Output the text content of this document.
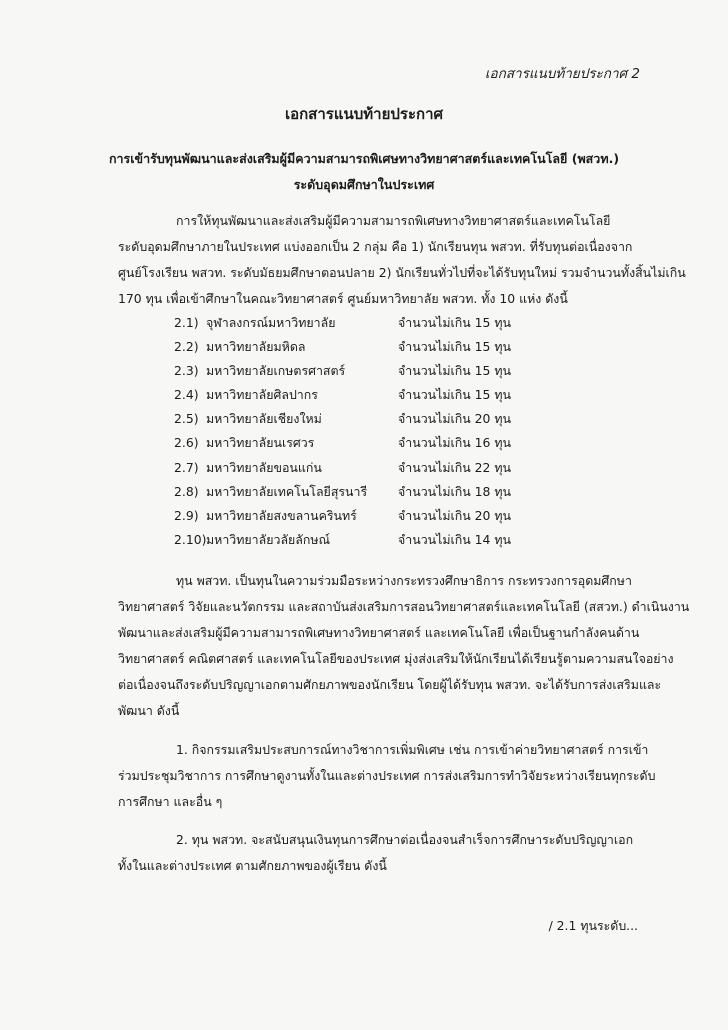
เอกสารแนบท้ายประกาศ 2
เอกสารแนบท้ายประกาศ
การเข้ารับทุนพัฒนาและส่งเสริมผู้มีความสามารถพิเศษทางวิทยาศาสตร์และเทคโนโลยี (พสวท.)
ระดับอุดมศึกษาในประเทศ

การให้ทุนพัฒนาและส่งเสริมผู้มีความสามารถพิเศษทางวิทยาศาสตร์และเทคโนโลยี
ระดับอุดมศึกษาภายในประเทศ แบ่งออกเป็น 2 กลุ่ม คือ 1) นักเรียนทุน พสวท. ที่รับทุนต่อเนื่องจาก
ศูนย์โรงเรียน พสวท. ระดับมัธยมศึกษาตอนปลาย 2) นักเรียนทั่วไปที่จะได้รับทุนใหม่ รวมจำนวนทั้งสิ้นไม่เกิน
170 ทุน เพื่อเข้าศึกษาในคณะวิทยาศาสตร์ ศูนย์มหาวิทยาลัย พสวท. ทั้ง 10 แห่ง ดังนี้

2.1) จุฬาลงกรณ์มหาวิทยาลัย	จำนวนไม่เกิน 15 ทุน
2.2) มหาวิทยาลัยมหิดล	จำนวนไม่เกิน 15 ทุน
2.3) มหาวิทยาลัยเกษตรศาสตร์	จำนวนไม่เกิน 15 ทุน
2.4) มหาวิทยาลัยศิลปากร	จำนวนไม่เกิน 15 ทุน
2.5) มหาวิทยาลัยเชียงใหม่	จำนวนไม่เกิน 20 ทุน
2.6) มหาวิทยาลัยนเรศวร	จำนวนไม่เกิน 16 ทุน
2.7) มหาวิทยาลัยขอนแก่น	จำนวนไม่เกิน 22 ทุน
2.8) มหาวิทยาลัยเทคโนโลยีสุรนารี	จำนวนไม่เกิน 18 ทุน
2.9) มหาวิทยาลัยสงขลานครินทร์	จำนวนไม่เกิน 20 ทุน
2.10) มหาวิทยาลัยวลัยลักษณ์	จำนวนไม่เกิน 14 ทุน

ทุน พสวท. เป็นทุนในความร่วมมือระหว่างกระทรวงศึกษาธิการ กระทรวงการอุดมศึกษา
วิทยาศาสตร์ วิจัยและนวัตกรรม และสถาบันส่งเสริมการสอนวิทยาศาสตร์และเทคโนโลยี (สสวท.) ดำเนินงาน
พัฒนาและส่งเสริมผู้มีความสามารถพิเศษทางวิทยาศาสตร์ และเทคโนโลยี เพื่อเป็นฐานกำลังคนด้าน
วิทยาศาสตร์ คณิตศาสตร์ และเทคโนโลยีของประเทศ มุ่งส่งเสริมให้นักเรียนได้เรียนรู้ตามความสนใจอย่าง
ต่อเนื่องจนถึงระดับปริญญาเอกตามศักยภาพของนักเรียน โดยผู้ได้รับทุน พสวท. จะได้รับการส่งเสริมและ
พัฒนา ดังนี้

1. กิจกรรมเสริมประสบการณ์ทางวิชาการเพิ่มพิเศษ เช่น การเข้าค่ายวิทยาศาสตร์ การเข้า
ร่วมประชุมวิชาการ การศึกษาดูงานทั้งในและต่างประเทศ การส่งเสริมการทำวิจัยระหว่างเรียนทุกระดับ
การศึกษา และอื่น ๆ

2. ทุน พสวท. จะสนับสนุนเงินทุนการศึกษาต่อเนื่องจนสำเร็จการศึกษาระดับปริญญาเอก
ทั้งในและต่างประเทศ ตามศักยภาพของผู้เรียน ดังนี้

/ 2.1 ทุนระดับ...
